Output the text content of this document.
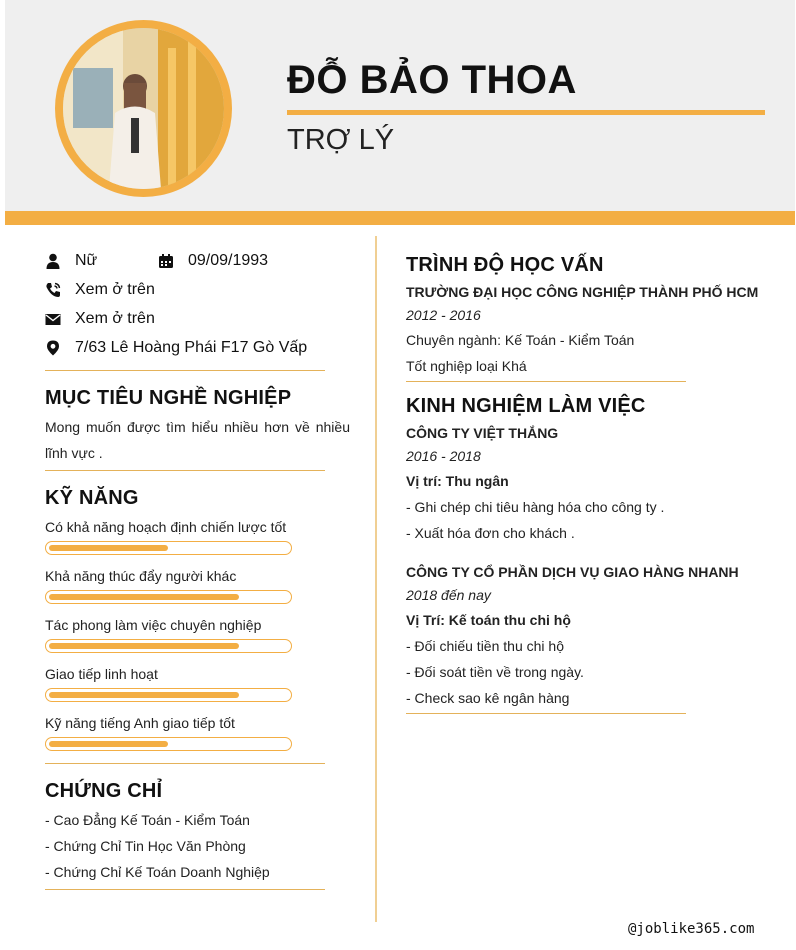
ĐỖ BẢO THOA
TRỢ LÝ
Nữ	09/09/1993
Xem ở trên
Xem ở trên
7/63 Lê Hoàng Phái F17 Gò Vấp
MỤC TIÊU NGHỀ NGHIỆP
Mong muốn được tìm hiểu nhiều hơn về nhiều
lĩnh vực .
KỸ NĂNG
Có khả năng hoạch định chiến lược tốt
Khả năng thúc đẩy người khác
Tác phong làm việc chuyên nghiệp
Giao tiếp linh hoạt
Kỹ năng tiếng Anh giao tiếp tốt
CHỨNG CHỈ
- Cao Đẳng Kế Toán - Kiểm Toán
- Chứng Chỉ Tin Học Văn Phòng
- Chứng Chỉ Kế Toán Doanh Nghiệp
TRÌNH ĐỘ HỌC VẤN
TRƯỜNG ĐẠI HỌC CÔNG NGHIỆP THÀNH PHỐ HCM
2012 - 2016
Chuyên ngành: Kế Toán - Kiểm Toán
Tốt nghiệp loại Khá
KINH NGHIỆM LÀM VIỆC
CÔNG TY VIỆT THẮNG
2016 - 2018
Vị trí: Thu ngân
- Ghi chép chi tiêu hàng hóa cho công ty .
- Xuất hóa đơn cho khách .
CÔNG TY CỔ PHẦN DỊCH VỤ GIAO HÀNG NHANH
2018 đến nay
Vị Trí: Kế toán thu chi hộ
- Đối chiếu tiền thu chi hộ
- Đối soát tiền về trong ngày.
- Check sao kê ngân hàng
@joblike365.com
